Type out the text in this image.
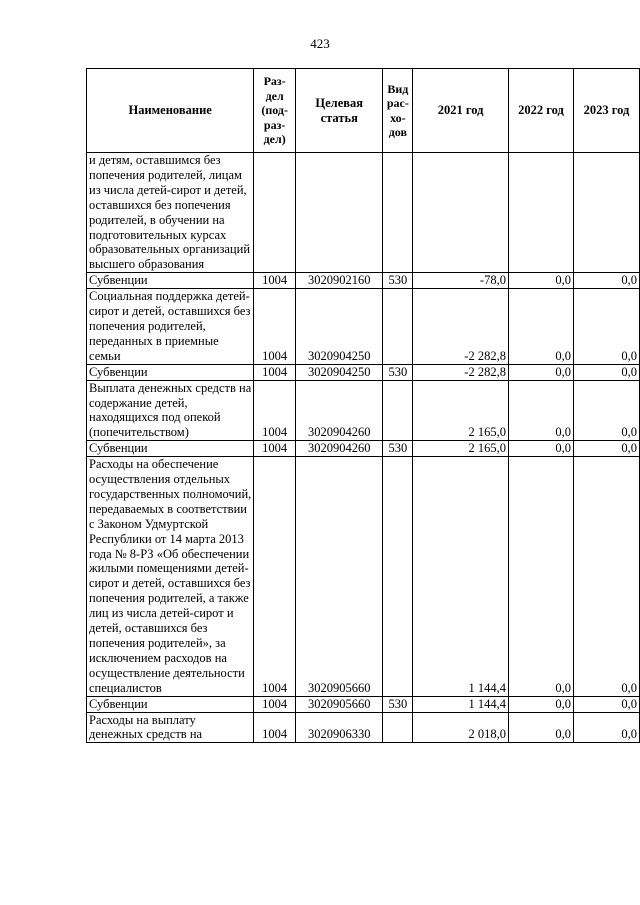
423
Наименование	Раз-дел (под-раз-дел)	Целевая статья	Вид рас-хо-дов	2021 год	2022 год	2023 год
и детям, оставшимся без попечения родителей, лицам из числа детей-сирот и детей, оставшихся без попечения родителей, в обучении на подготовительных курсах образовательных организаций высшего образования						
Субвенции	1004	3020902160	530	-78,0	0,0	0,0
Социальная поддержка детей-сирот и детей, оставшихся без попечения родителей, переданных в приемные семьи	1004	3020904250		-2 282,8	0,0	0,0
Субвенции	1004	3020904250	530	-2 282,8	0,0	0,0
Выплата денежных средств на содержание детей, находящихся под опекой (попечительством)	1004	3020904260		2 165,0	0,0	0,0
Субвенции	1004	3020904260	530	2 165,0	0,0	0,0
Расходы на обеспечение осуществления отдельных государственных полномочий, передаваемых в соответствии с Законом Удмуртской Республики от 14 марта 2013 года № 8-РЗ «Об обеспечении жилыми помещениями детей-сирот и детей, оставшихся без попечения родителей, а также лиц из числа детей-сирот и детей, оставшихся без попечения родителей», за исключением расходов на осуществление деятельности специалистов	1004	3020905660		1 144,4	0,0	0,0
Субвенции	1004	3020905660	530	1 144,4	0,0	0,0
Расходы на выплату денежных средств на	1004	3020906330		2 018,0	0,0	0,0
